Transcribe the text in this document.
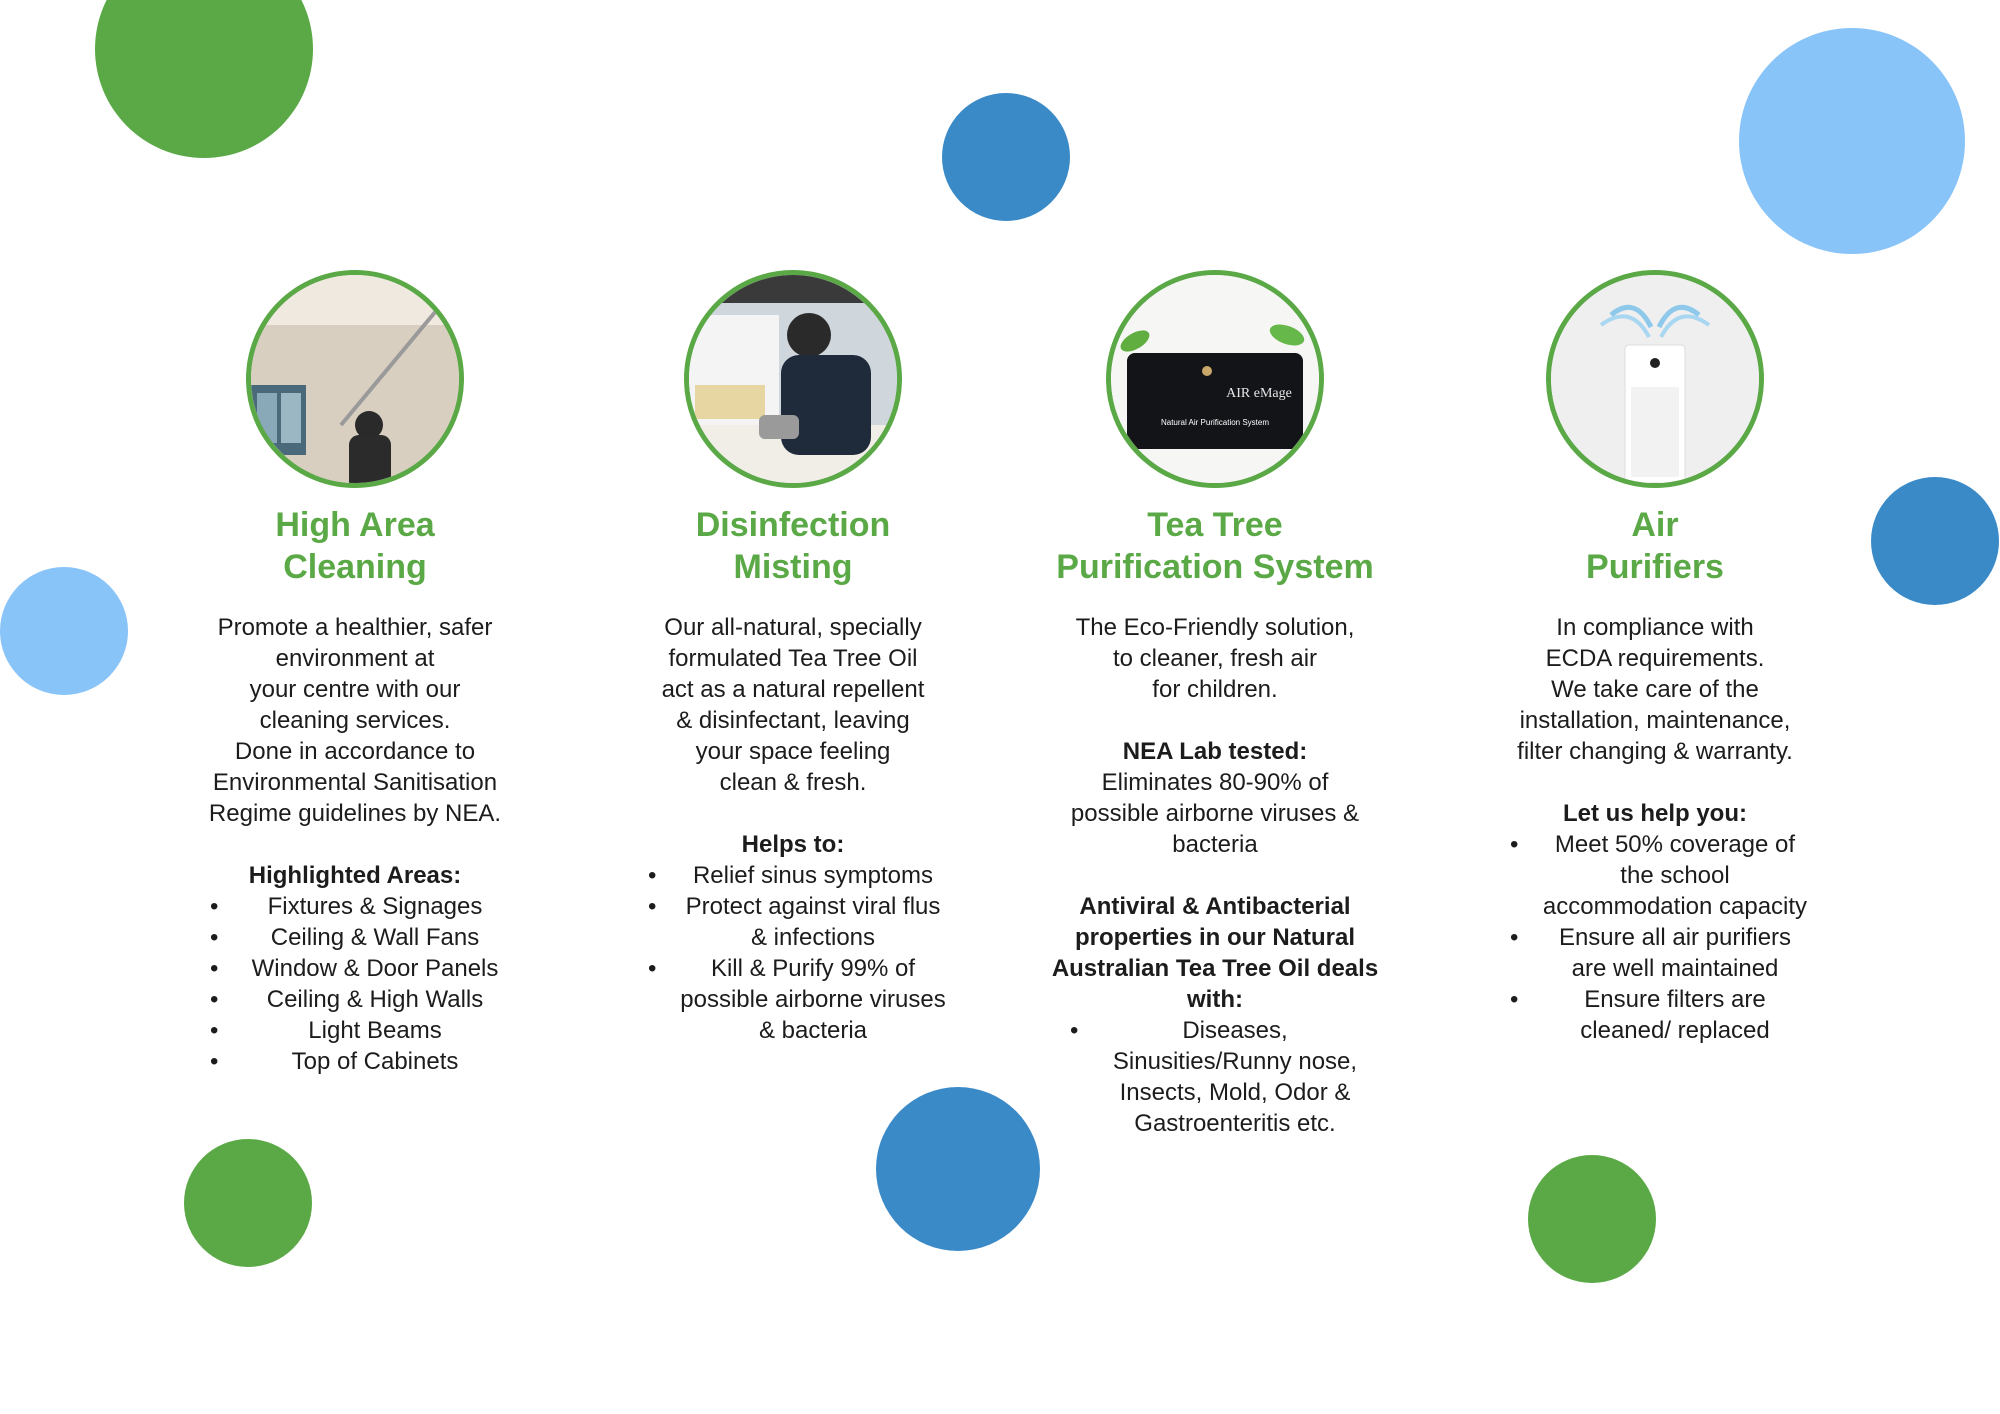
High Area
Cleaning

Promote a healthier, safer

environment at

your centre with our

cleaning services.

Done in accordance to

Environmental Sanitisation

Regime guidelines by NEA.

Highlighted Areas:

• Fixtures & Signages
• Ceiling & Wall Fans
• Window & Door Panels
• Ceiling & High Walls
• Light Beams
• Top of Cabinets
Disinfection
Misting

Our all-natural, specially

formulated Tea Tree Oil

act as a natural repellent

& disinfectant, leaving

your space feeling

clean & fresh.

Helps to:

• Relief sinus symptoms
• Protect against viral flus & infections
• Kill & Purify 99% of possible airborne viruses & bacteria
AIR eMage
Natural Air Purification System
Tea Tree
Purification System

The Eco-Friendly solution,

to cleaner, fresh air

for children.

NEA Lab tested:

Eliminates 80-90% of

possible airborne viruses &

bacteria

Antiviral & Antibacterial properties in our Natural Australian Tea Tree Oil deals with:

• Diseases, Sinusities/Runny nose, Insects, Mold, Odor & Gastroenteritis etc.
Air
Purifiers

In compliance with

ECDA requirements.

We take care of the

installation, maintenance,

filter changing & warranty.

Let us help you:

• Meet 50% coverage of the school accommodation capacity
• Ensure all air purifiers are well maintained
• Ensure filters are cleaned/ replaced
